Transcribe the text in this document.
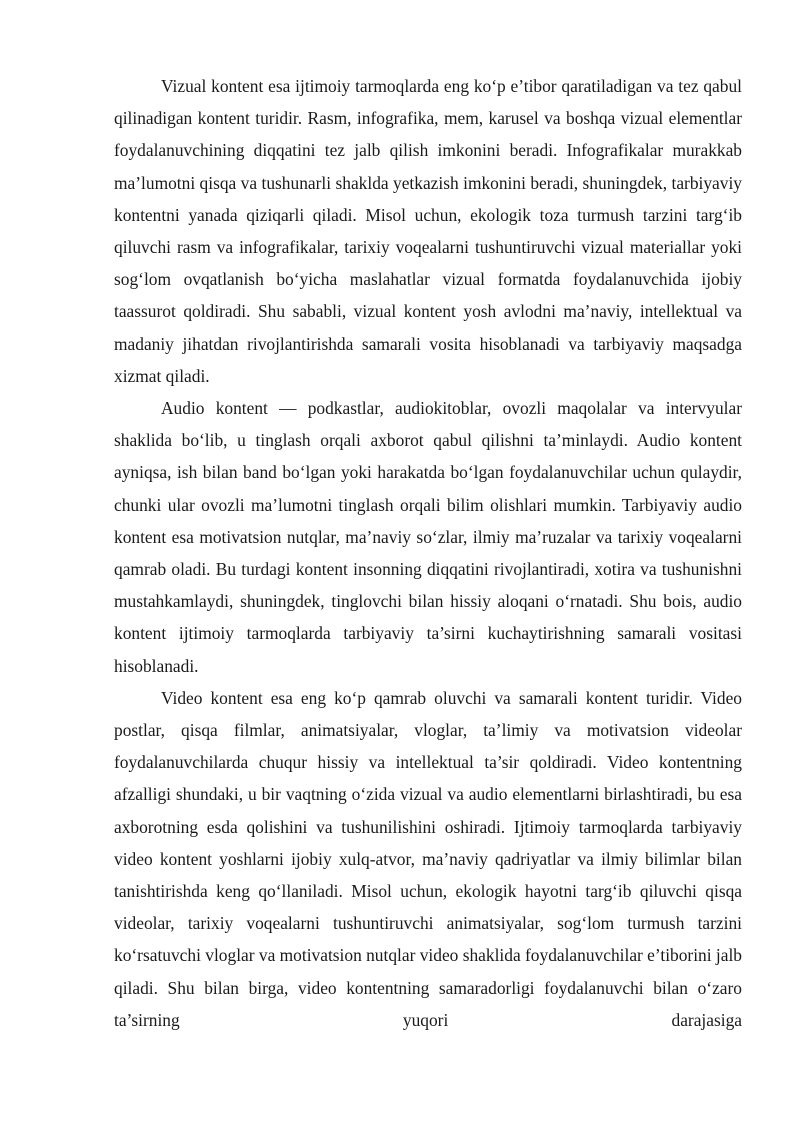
Vizual kontent esa ijtimoiy tarmoqlarda eng ko‘p e’tibor qaratiladigan va tez qabul qilinadigan kontent turidir. Rasm, infografika, mem, karusel va boshqa vizual elementlar foydalanuvchining diqqatini tez jalb qilish imkonini beradi. Infografikalar murakkab ma’lumotni qisqa va tushunarli shaklda yetkazish imkonini beradi, shuningdek, tarbiyaviy kontentni yanada qiziqarli qiladi. Misol uchun, ekologik toza turmush tarzini targ‘ib qiluvchi rasm va infografikalar, tarixiy voqealarni tushuntiruvchi vizual materiallar yoki sog‘lom ovqatlanish bo‘yicha maslahatlar vizual formatda foydalanuvchida ijobiy taassurot qoldiradi. Shu sababli, vizual kontent yosh avlodni ma’naviy, intellektual va madaniy jihatdan rivojlantirishda samarali vosita hisoblanadi va tarbiyaviy maqsadga xizmat qiladi.

Audio kontent — podkastlar, audiokitoblar, ovozli maqolalar va intervyular shaklida bo‘lib, u tinglash orqali axborot qabul qilishni ta’minlaydi. Audio kontent ayniqsa, ish bilan band bo‘lgan yoki harakatda bo‘lgan foydalanuvchilar uchun qulaydir, chunki ular ovozli ma’lumotni tinglash orqali bilim olishlari mumkin. Tarbiyaviy audio kontent esa motivatsion nutqlar, ma’naviy so‘zlar, ilmiy ma’ruzalar va tarixiy voqealarni qamrab oladi. Bu turdagi kontent insonning diqqatini rivojlantiradi, xotira va tushunishni mustahkamlaydi, shuningdek, tinglovchi bilan hissiy aloqani o‘rnatadi. Shu bois, audio kontent ijtimoiy tarmoqlarda tarbiyaviy ta’sirni kuchaytirishning samarali vositasi hisoblanadi.

Video kontent esa eng ko‘p qamrab oluvchi va samarali kontent turidir. Video postlar, qisqa filmlar, animatsiyalar, vloglar, ta’limiy va motivatsion videolar foydalanuvchilarda chuqur hissiy va intellektual ta’sir qoldiradi. Video kontentning afzalligi shundaki, u bir vaqtning o‘zida vizual va audio elementlarni birlashtiradi, bu esa axborotning esda qolishini va tushunilishini oshiradi. Ijtimoiy tarmoqlarda tarbiyaviy video kontent yoshlarni ijobiy xulq-atvor, ma’naviy qadriyatlar va ilmiy bilimlar bilan tanishtirishda keng qo‘llaniladi. Misol uchun, ekologik hayotni targ‘ib qiluvchi qisqa videolar, tarixiy voqealarni tushuntiruvchi animatsiyalar, sog‘lom turmush tarzini ko‘rsatuvchi vloglar va motivatsion nutqlar video shaklida foydalanuvchilar e’tiborini jalb qiladi. Shu bilan birga, video kontentning samaradorligi foydalanuvchi bilan o‘zaro ta’sirning yuqori darajasiga
